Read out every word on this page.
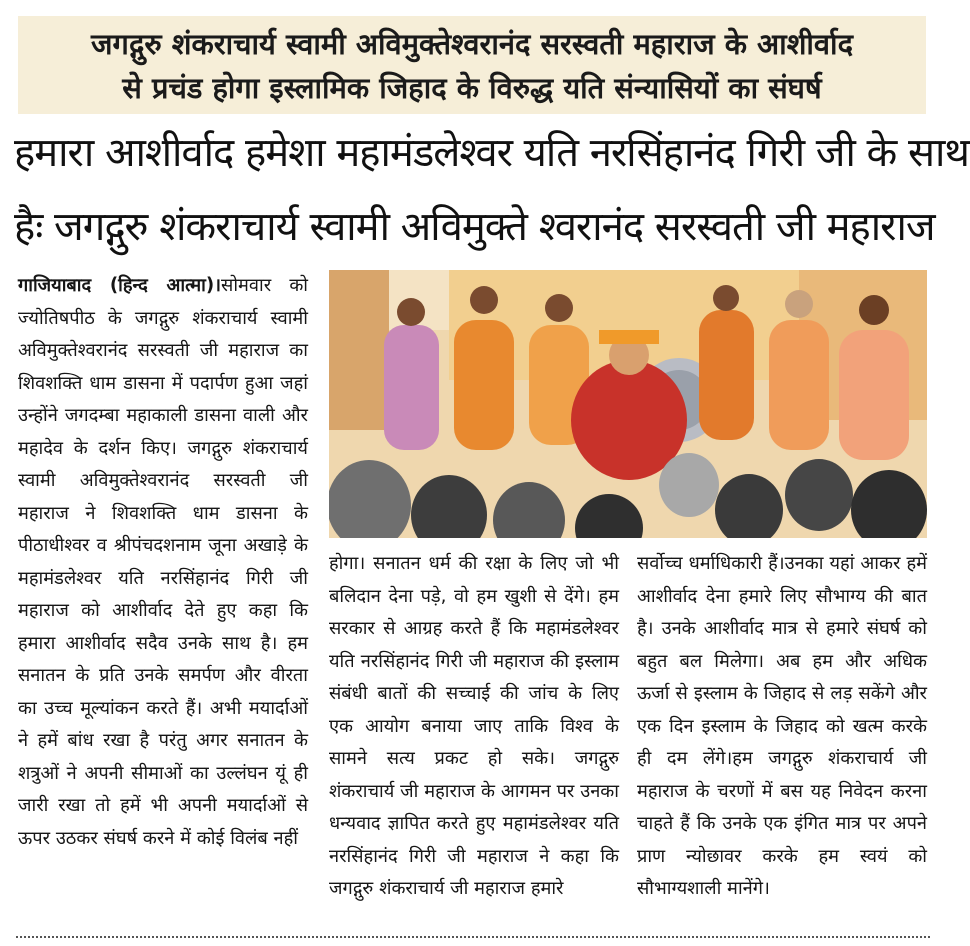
जगद्गुरु शंकराचार्य स्वामी अविमुक्तेश्वरानंद सरस्वती महाराज के आशीर्वाद

से प्रचंड होगा इस्लामिक जिहाद के विरुद्ध यति संन्यासियों का संघर्ष

हमारा आशीर्वाद हमेशा महामंडलेश्वर यति नरसिंहानंद गिरी जी के साथ

हैः जगद्गुरु शंकराचार्य स्वामी अविमुक्ते श्वरानंद सरस्वती जी महाराज

गाजियाबाद (हिन्द आत्मा)।सोमवार को ज्योतिषपीठ के जगद्गुरु शंकराचार्य स्वामी अविमुक्तेश्वरानंद सरस्वती जी महाराज का शिवशक्ति धाम डासना में पदार्पण हुआ जहां उन्होंने जगदम्बा महाकाली डासना वाली और महादेव के दर्शन किए। जगद्गुरु शंकराचार्य स्वामी अविमुक्तेश्वरानंद सरस्वती जी महाराज ने शिवशक्ति धाम डासना के पीठाधीश्वर व श्रीपंचदशनाम जूना अखाड़े के महामंडलेश्वर यति नरसिंहानंद गिरी जी महाराज को आशीर्वाद देते हुए कहा कि हमारा आशीर्वाद सदैव उनके साथ है। हम सनातन के प्रति उनके समर्पण और वीरता का उच्च मूल्यांकन करते हैं। अभी मयार्दाओं ने हमें बांध रखा है परंतु अगर सनातन के शत्रुओं ने अपनी सीमाओं का उल्लंघन यूं ही जारी रखा तो हमें भी अपनी मयार्दाओं से ऊपर उठकर संघर्ष करने में कोई विलंब नहीं

होगा। सनातन धर्म की रक्षा के लिए जो भी बलिदान देना पड़े, वो हम खुशी से देंगे। हम सरकार से आग्रह करते हैं कि महामंडलेश्वर यति नरसिंहानंद गिरी जी महाराज की इस्लाम संबंधी बातों की सच्चाई की जांच के लिए एक आयोग बनाया जाए ताकि विश्व के सामने सत्य प्रकट हो सके। जगद्गुरु शंकराचार्य जी महाराज के आगमन पर उनका धन्यवाद ज्ञापित करते हुए महामंडलेश्वर यति नरसिंहानंद गिरी जी महाराज ने कहा कि जगद्गुरु शंकराचार्य जी महाराज हमारे

सर्वोच्च धर्माधिकारी हैं।उनका यहां आकर हमें आशीर्वाद देना हमारे लिए सौभाग्य की बात है। उनके आशीर्वाद मात्र से हमारे संघर्ष को बहुत बल मिलेगा। अब हम और अधिक ऊर्जा से इस्लाम के जिहाद से लड़ सकेंगे और एक दिन इस्लाम के जिहाद को खत्म करके ही दम लेंगे।हम जगद्गुरु शंकराचार्य जी महाराज के चरणों में बस यह निवेदन करना चाहते हैं कि उनके एक इंगित मात्र पर अपने प्राण न्योछावर करके हम स्वयं को सौभाग्यशाली मानेंगे।
